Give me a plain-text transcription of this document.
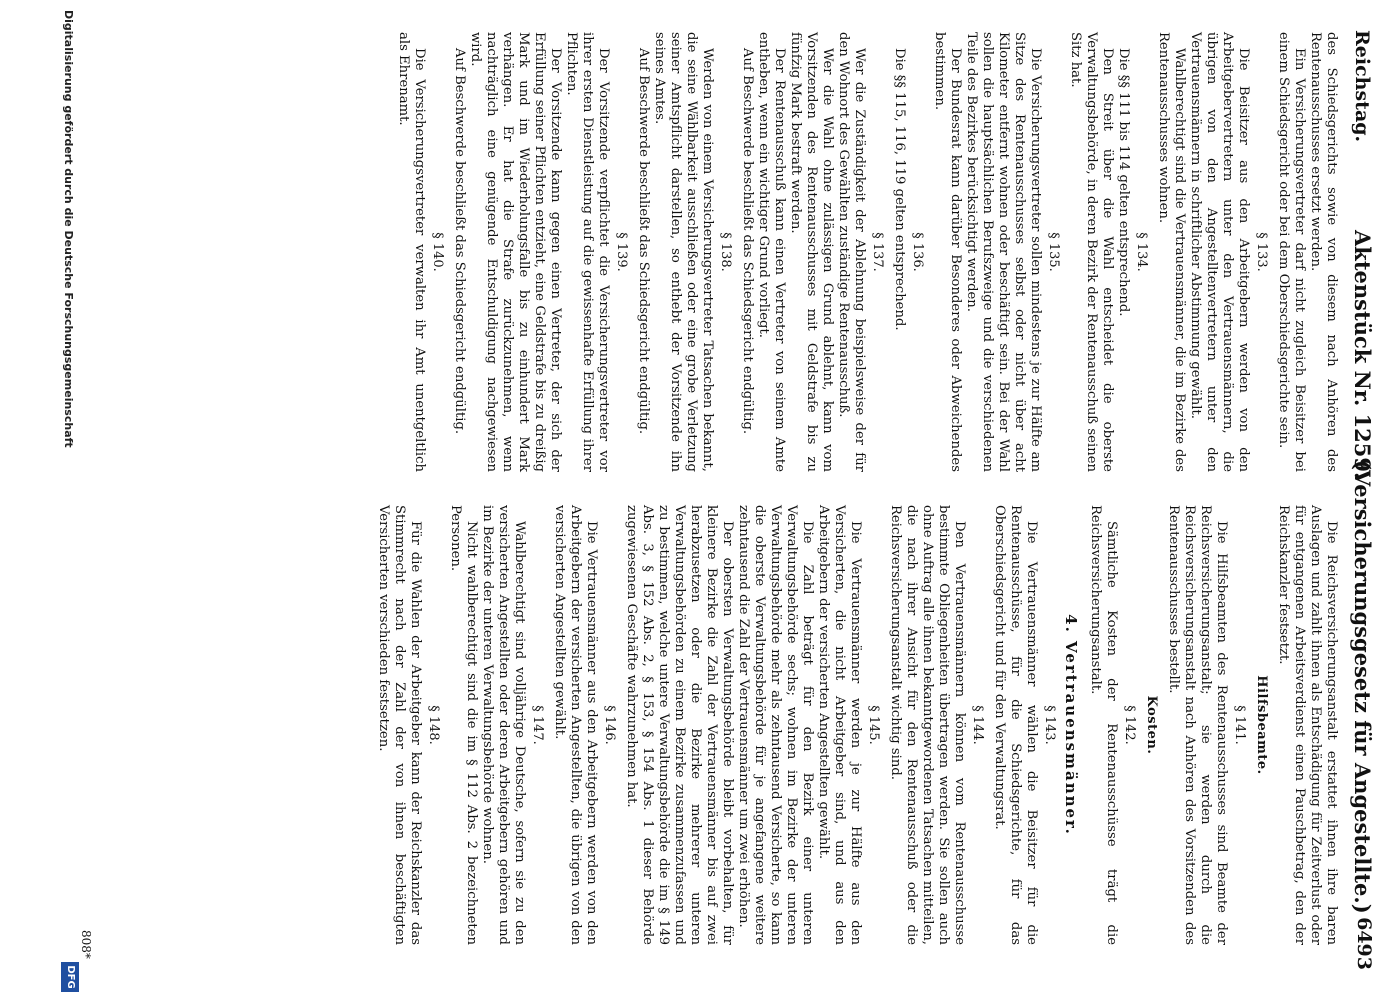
Reichstag.
Aktenstück Nr. 1259.
(Versicherungsgesetz für Angestellte.)
6493

des Schiedsgerichts sowie von diesem nach Anhören des Rentenausschusses ersetzt werden.

Ein Versicherungsvertreter darf nicht zugleich Beisitzer bei einem Schiedsgericht oder bei dem Oberschiedsgerichte sein.

§ 133.

Die Beisitzer aus den Arbeitgebern werden von den Arbeitgebervertretern unter den Vertrauensmännern, die übrigen von den Angestelltenvertretern unter den Vertrauensmännern in schriftlicher Abstimmung gewählt.

Wahlberechtigt sind die Vertrauensmänner, die im Bezirke des Rentenausschusses wohnen.

§ 134.

Die §§ 111 bis 114 gelten entsprechend.

Den Streit über die Wahl entscheidet die oberste Verwaltungsbehörde, in deren Bezirk der Rentenausschuß seinen Sitz hat.

§ 135.

Die Versicherungsvertreter sollen mindestens je zur Hälfte am Sitze des Rentenausschusses selbst oder nicht über acht Kilometer entfernt wohnen oder beschäftigt sein. Bei der Wahl sollen die hauptsächlichen Berufszweige und die verschiedenen Teile des Bezirkes berücksichtigt werden.

Der Bundesrat kann darüber Besonderes oder Abweichendes bestimmen.

§ 136.

Die §§ 115, 116, 119 gelten entsprechend.

§ 137.

Wer die Zuständigkeit der Ablehnung beispielsweise der für den Wohnort des Gewählten zuständige Rentenausschuß.

Wer die Wahl ohne zulässigen Grund ablehnt, kann vom Vorsitzenden des Rentenausschusses mit Geldstrafe bis zu fünfzig Mark bestraft werden.

Der Rentenausschuß kann einen Vertreter von seinem Amte entheben, wenn ein wichtiger Grund vorliegt.

Auf Beschwerde beschließt das Schiedsgericht endgültig.

§ 138.

Werden von einem Versicherungsvertreter Tatsachen bekannt, die seine Wählbarkeit ausschließen oder eine grobe Verletzung seiner Amtspflicht darstellen, so enthebt der Vorsitzende ihn seines Amtes.

Auf Beschwerde beschließt das Schiedsgericht endgültig.

§ 139.

Der Vorsitzende verpflichtet die Versicherungsvertreter vor ihrer ersten Dienstleistung auf die gewissenhafte Erfüllung ihrer Pflichten.

Der Vorsitzende kann gegen einen Vertreter, der sich der Erfüllung seiner Pflichten entzieht, eine Geldstrafe bis zu dreißig Mark und im Wiederholungsfalle bis zu einhundert Mark verhängen. Er hat die Strafe zurückzunehmen, wenn nachträglich eine genügende Entschuldigung nachgewiesen wird.

Auf Beschwerde beschließt das Schiedsgericht endgültig.

§ 140.

Die Versicherungsvertreter verwalten ihr Amt unentgeltlich als Ehrenamt.

Die Reichsversicherungsanstalt erstattet ihnen ihre baren Auslagen und zahlt ihnen als Entschädigung für Zeitverlust oder für entgangenen Arbeitsverdienst einen Pauschbetrag, den der Reichskanzler festsetzt.

Hilfsbeamte.
§ 141.

Die Hilfsbeamten des Rentenausschusses sind Beamte der Reichsversicherungsanstalt; sie werden durch die Reichsversicherungsanstalt nach Anhören des Vorsitzenden des Rentenausschusses bestellt.

Kosten.
§ 142.

Sämtliche Kosten der Rentenausschüsse trägt die Reichsversicherungsanstalt.

4. Vertrauensmänner.
§ 143.

Die Vertrauensmänner wählen die Beisitzer für die Rentenausschüsse, für die Schiedsgerichte, für das Oberschiedsgericht und für den Verwaltungsrat.

§ 144.

Den Vertrauensmännern können vom Rentenausschusse bestimmte Obliegenheiten übertragen werden. Sie sollen auch ohne Auftrag alle ihnen bekanntgewordenen Tatsachen mitteilen, die nach ihrer Ansicht für den Rentenausschuß oder die Reichsversicherungsanstalt wichtig sind.

§ 145.

Die Vertrauensmänner werden je zur Hälfte aus den Versicherten, die nicht Arbeitgeber sind, und aus den Arbeitgebern der versicherten Angestellten gewählt.

Die Zahl beträgt für den Bezirk einer unteren Verwaltungsbehörde sechs; wohnen im Bezirke der unteren Verwaltungsbehörde mehr als zehntausend Versicherte, so kann die oberste Verwaltungsbehörde für je angefangene weitere zehntausend die Zahl der Vertrauensmänner um zwei erhöhen.

Der obersten Verwaltungsbehörde bleibt vorbehalten, für kleinere Bezirke die Zahl der Vertrauensmänner bis auf zwei herabzusetzen oder die Bezirke mehrerer unteren Verwaltungsbehörden zu einem Bezirke zusammenzufassen und zu bestimmen, welche untere Verwaltungsbehörde die im § 149 Abs. 3, § 152 Abs. 2, § 153, § 154 Abs. 1 dieser Behörde zugewiesenen Geschäfte wahrzunehmen hat.

§ 146.

Die Vertrauensmänner aus den Arbeitgebern werden von den Arbeitgebern der versicherten Angestellten, die übrigen von den versicherten Angestellten gewählt.

§ 147.

Wahlberechtigt sind volljährige Deutsche, sofern sie zu den versicherten Angestellten oder deren Arbeitgebern gehören und im Bezirke der unteren Verwaltungsbehörde wohnen.

Nicht wahlberechtigt sind die im § 112 Abs. 2 bezeichneten Personen.

§ 148.

Für die Wahlen der Arbeitgeber kann der Reichskanzler das Stimmrecht nach der Zahl der von ihnen beschäftigten Versicherten verschieden festsetzen.

808*
Digitalisierung gefördert durch die Deutsche Forschungsgemeinschaft
DFG
